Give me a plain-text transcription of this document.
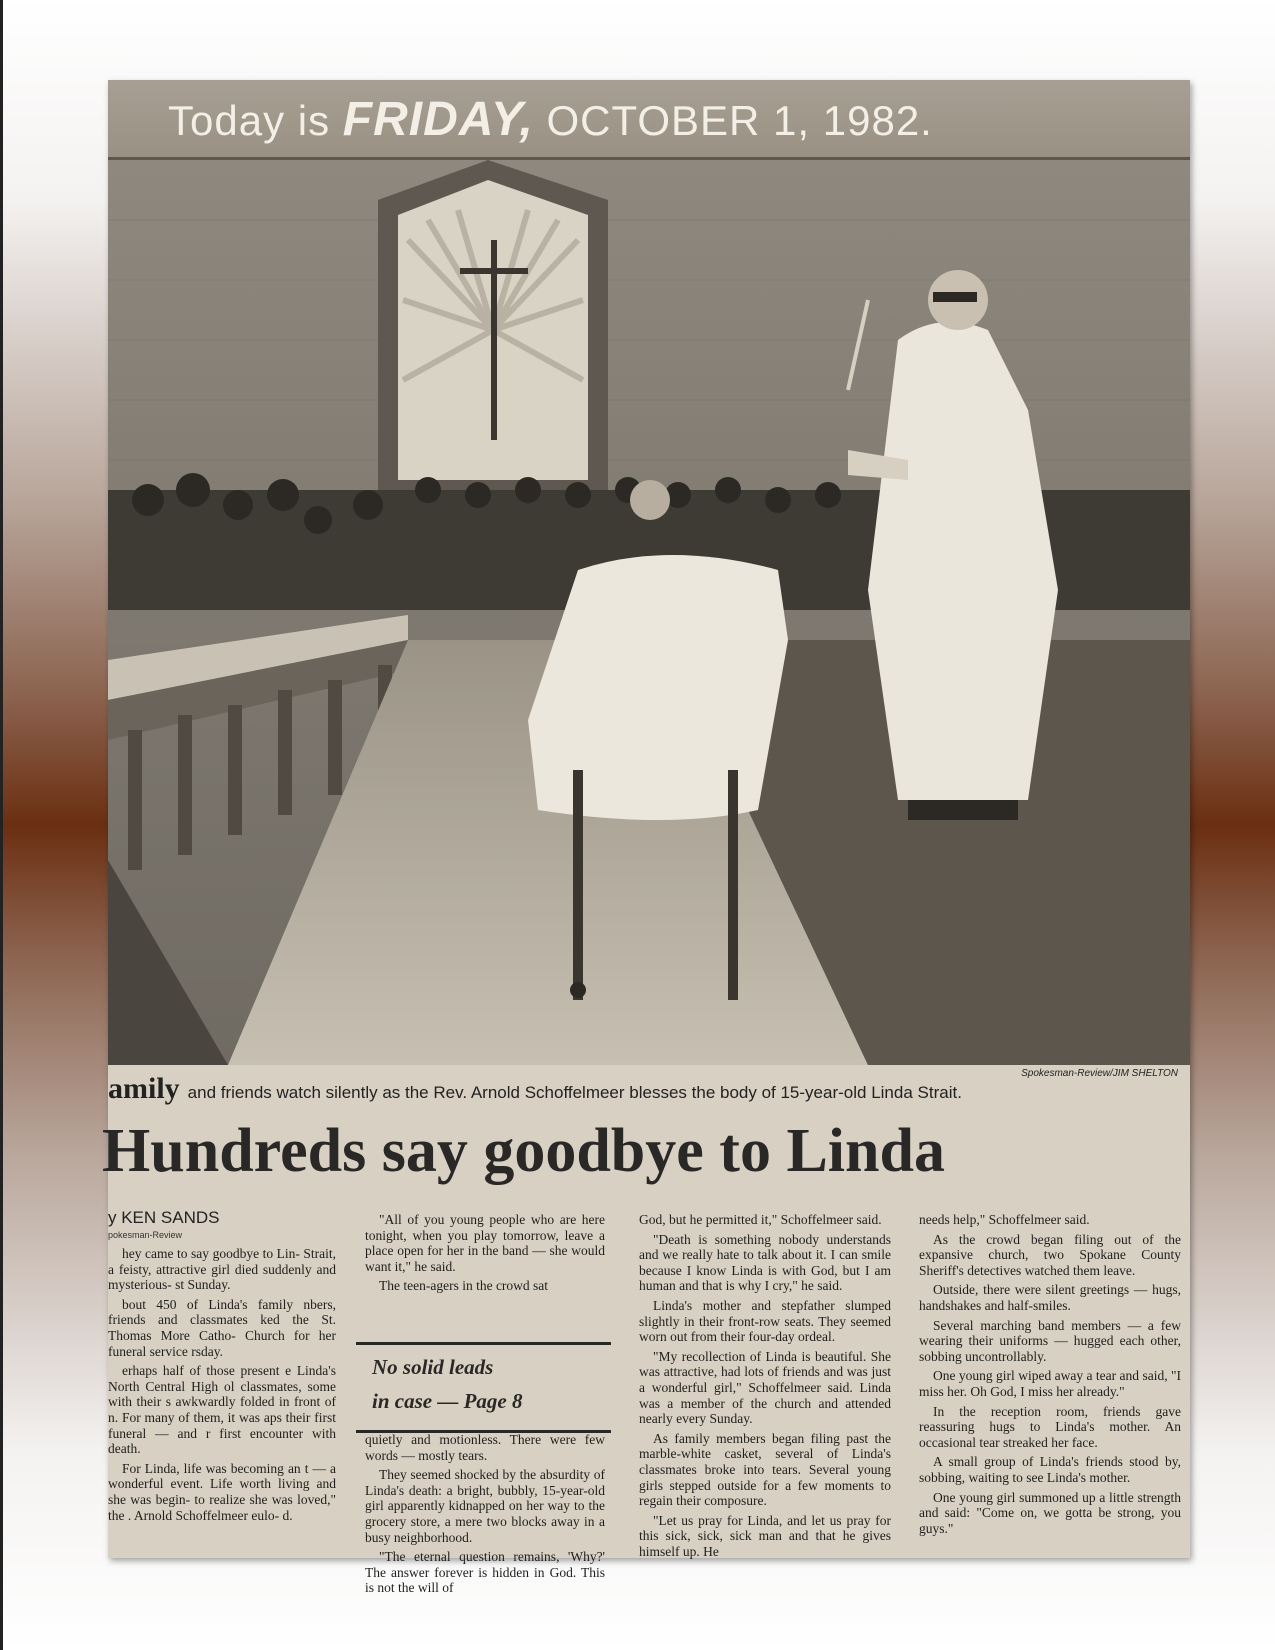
Today is FRIDAY, OCTOBER 1, 1982.
Spokesman-Review/JIM SHELTON
amily and friends watch silently as the Rev. Arnold Schoffelmeer blesses the body of 15-year-old Linda Strait.
Hundreds say goodbye to Linda
y KEN SANDS
pokesman-Review

hey came to say goodbye to Lin- Strait, a feisty, attractive girl died suddenly and mysterious- st Sunday.

bout 450 of Linda's family nbers, friends and classmates ked the St. Thomas More Catho- Church for her funeral service rsday.

erhaps half of those present e Linda's North Central High ol classmates, some with their s awkwardly folded in front of n. For many of them, it was aps their first funeral — and r first encounter with death.

For Linda, life was becoming an t — a wonderful event. Life worth living and she was begin- to realize she was loved," the . Arnold Schoffelmeer eulo- d.

"All of you young people who are here tonight, when you play tomorrow, leave a place open for her in the band — she would want it," he said.

The teen-agers in the crowd sat

No solid leads
in case — Page 8

quietly and motionless. There were few words — mostly tears.

They seemed shocked by the absurdity of Linda's death: a bright, bubbly, 15-year-old girl apparently kidnapped on her way to the grocery store, a mere two blocks away in a busy neighborhood.

"The eternal question remains, 'Why?' The answer forever is hidden in God. This is not the will of

God, but he permitted it," Schoffelmeer said.

"Death is something nobody understands and we really hate to talk about it. I can smile because I know Linda is with God, but I am human and that is why I cry," he said.

Linda's mother and stepfather slumped slightly in their front-row seats. They seemed worn out from their four-day ordeal.

"My recollection of Linda is beautiful. She was attractive, had lots of friends and was just a wonderful girl," Schoffelmeer said. Linda was a member of the church and attended nearly every Sunday.

As family members began filing past the marble-white casket, several of Linda's classmates broke into tears. Several young girls stepped outside for a few moments to regain their composure.

"Let us pray for Linda, and let us pray for this sick, sick, sick man and that he gives himself up. He

needs help," Schoffelmeer said.

As the crowd began filing out of the expansive church, two Spokane County Sheriff's detectives watched them leave.

Outside, there were silent greetings — hugs, handshakes and half-smiles.

Several marching band members — a few wearing their uniforms — hugged each other, sobbing uncontrollably.

One young girl wiped away a tear and said, "I miss her. Oh God, I miss her already."

In the reception room, friends gave reassuring hugs to Linda's mother. An occasional tear streaked her face.

A small group of Linda's friends stood by, sobbing, waiting to see Linda's mother.

One young girl summoned up a little strength and said: "Come on, we gotta be strong, you guys."
